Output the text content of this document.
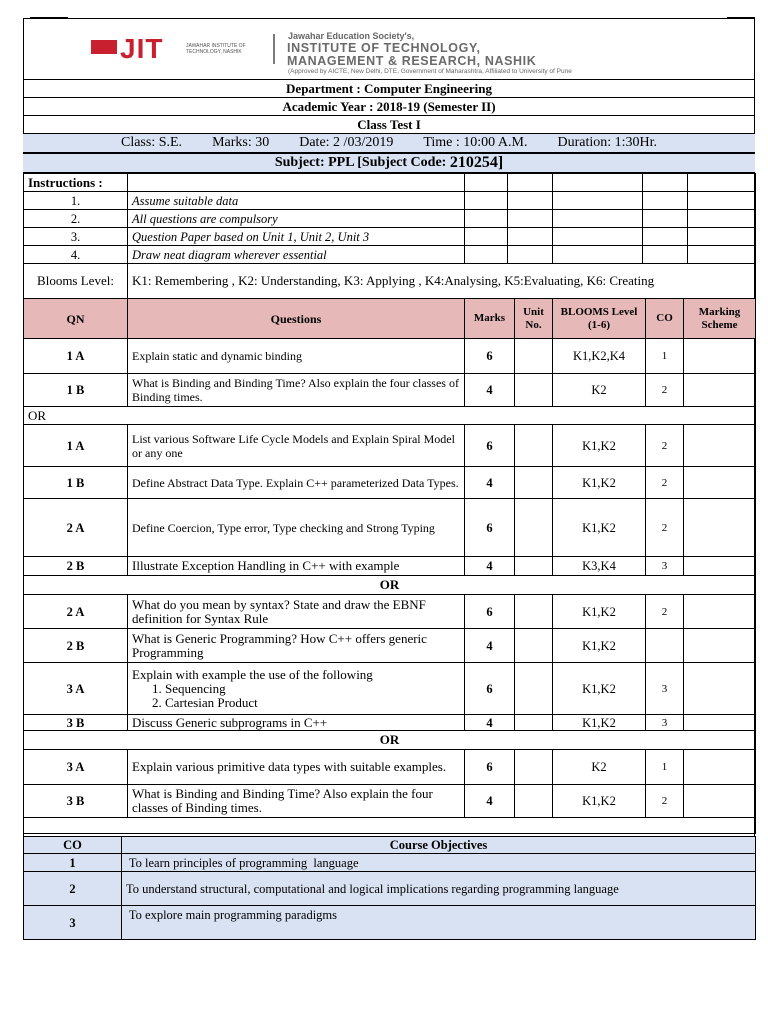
JIT	JAWAHAR INSTITUTE OF TECHNOLOGY, NASHIK
Jawahar Education Society's,
INSTITUTE OF TECHNOLOGY,
MANAGEMENT & RESEARCH, NASHIK
(Approved by AICTE, New Delhi, DTE, Government of Maharashtra, Affiliated to University of Pune
Department : Computer Engineering
Academic Year : 2018-19 (Semester II)
Class Test I
Class: S.E. Marks: 30 Date: 2 /03/2019 Time : 10:00 A.M. Duration: 1:30Hr.
Subject: PPL [Subject Code:
210254]
Instructions :						
1.	Assume suitable data					
2.	All questions are compulsory					
3.	Question Paper based on Unit 1, Unit 2, Unit 3					
4.	Draw neat diagram wherever essential					
Blooms Level:	K1: Remembering , K2: Understanding, K3: Applying , K4:Analysing, K5:Evaluating, K6: Creating
QN	Questions	Marks	Unit No.	BLOOMS Level (1-6)	CO	Marking Scheme
1 A	Explain static and dynamic binding	6		K1,K2,K4	1	
1 B	What is Binding and Binding Time? Also explain the four classes of Binding times.	4		K2	2	
OR						
1 A	List various Software Life Cycle Models and Explain Spiral Model or any one	6		K1,K2	2	
1 B	Define Abstract Data Type. Explain C++ parameterized Data Types.	4		K1,K2	2	
2 A	Define Coercion, Type error, Type checking and Strong Typing	6		K1,K2	2	
2 B	Illustrate Exception Handling in C++ with example	4		K3,K4	3	
OR						
2 A	What do you mean by syntax? State and draw the EBNF definition for Syntax Rule	6		K1,K2	2	
2 B	What is Generic Programming? How C++ offers generic Programming	4		K1,K2		
3 A	Explain with example the use of the following
1. Sequencing
2. Cartesian Product	6		K1,K2	3	
3 B	Discuss Generic subprograms in C++	4		K1,K2	3	
OR						
3 A	Explain various primitive data types with suitable examples.	6		K2	1	
3 B	What is Binding and Binding Time? Also explain the four classes of Binding times.	4		K1,K2	2	

CO	Course Objectives
1	To learn principles of programming  language
2	To understand structural, computational and logical implications regarding programming language
3	To explore main programming paradigms
